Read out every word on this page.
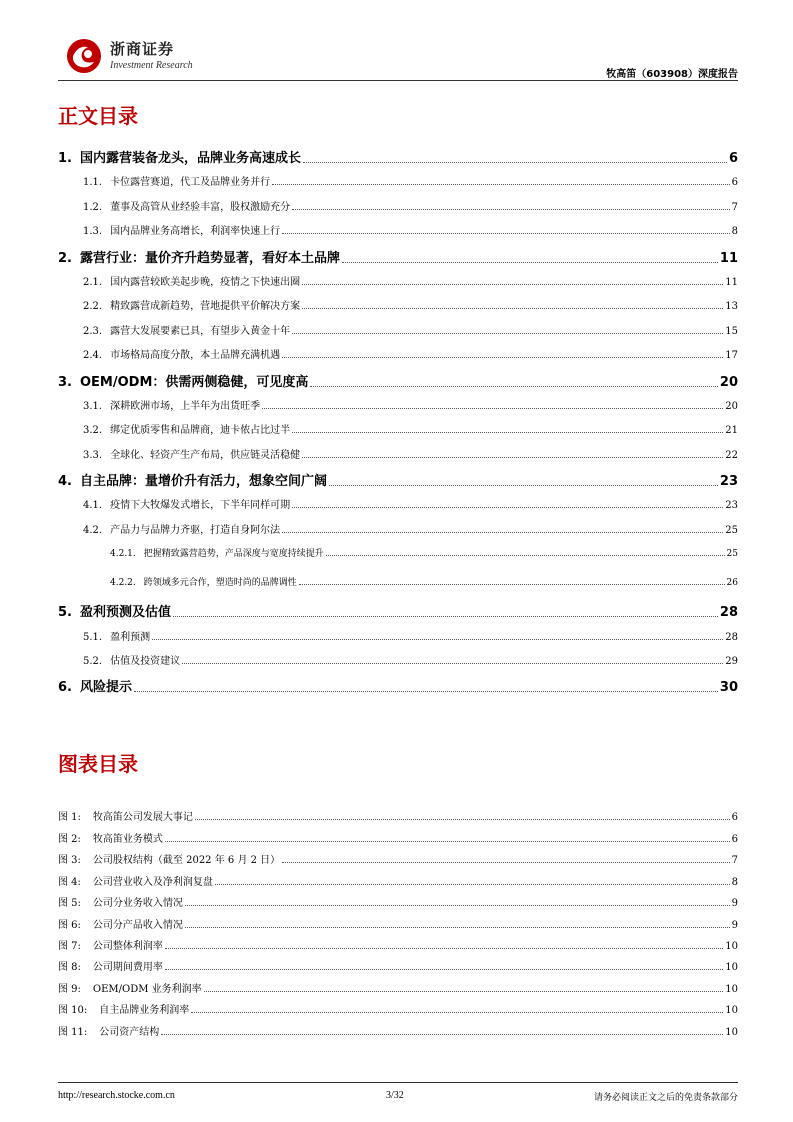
浙商证券
Investment Research
牧高笛（603908）深度报告
正文目录
1. 国内露营装备龙头，品牌业务高速成长	6
1.1. 卡位露营赛道，代工及品牌业务并行	6
1.2. 董事及高管从业经验丰富，股权激励充分	7
1.3. 国内品牌业务高增长，利润率快速上行	8
2. 露营行业：量价齐升趋势显著，看好本土品牌	11
2.1. 国内露营较欧美起步晚，疫情之下快速出圈	11
2.2. 精致露营成新趋势，营地提供平价解决方案	13
2.3. 露营大发展要素已具，有望步入黄金十年	15
2.4. 市场格局高度分散，本土品牌充满机遇	17
3. OEM/ODM：供需两侧稳健，可见度高	20
3.1. 深耕欧洲市场，上半年为出货旺季	20
3.2. 绑定优质零售和品牌商，迪卡侬占比过半	21
3.3. 全球化、轻资产生产布局，供应链灵活稳健	22
4. 自主品牌：量增价升有活力，想象空间广阔	23
4.1. 疫情下大牧爆发式增长，下半年同样可期	23
4.2. 产品力与品牌力齐驱，打造自身阿尔法	25
4.2.1. 把握精致露营趋势，产品深度与宽度持续提升	25
4.2.2. 跨领域多元合作，塑造时尚的品牌调性	26
5. 盈利预测及估值	28
5.1. 盈利预测	28
5.2. 估值及投资建议	29
6. 风险提示	30
图表目录
图 1: 牧高笛公司发展大事记	6
图 2: 牧高笛业务模式	6
图 3: 公司股权结构（截至 2022 年 6 月 2 日）	7
图 4: 公司营业收入及净利润复盘	8
图 5: 公司分业务收入情况	9
图 6: 公司分产品收入情况	9
图 7: 公司整体利润率	10
图 8: 公司期间费用率	10
图 9: OEM/ODM 业务利润率	10
图 10: 自主品牌业务利润率	10
图 11: 公司资产结构	10
http://research.stocke.com.cn	3/32	请务必阅读正文之后的免责条款部分
